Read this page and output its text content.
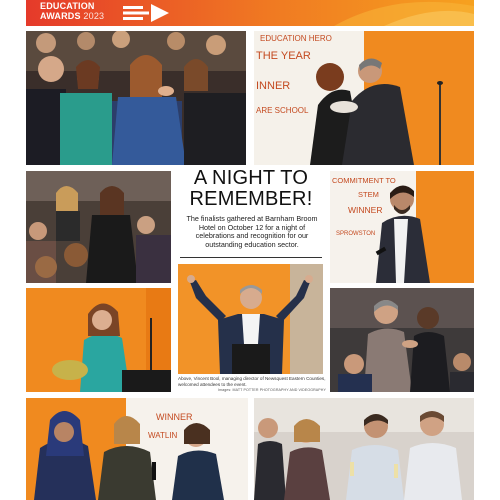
EDUCATION
AWARDS 2023
EDUCATION HERO
THE YEAR
INNER
ARE SCHOOL
A NIGHT TO
REMEMBER!
The finalists gathered at Barnham Broom Hotel on October 12 for a night of celebrations and recognition for our outstanding education sector.
COMMITMENT TO
STEM
WINNER
SPROWSTON
Above, Vincent Bool, managing director of Newsquest Eastern Counties, welcomed attendees to the event.
Images: MATT POTTER PHOTOGRAPHY AND VIDEOGRAPHY
WINNER
WATLIN
